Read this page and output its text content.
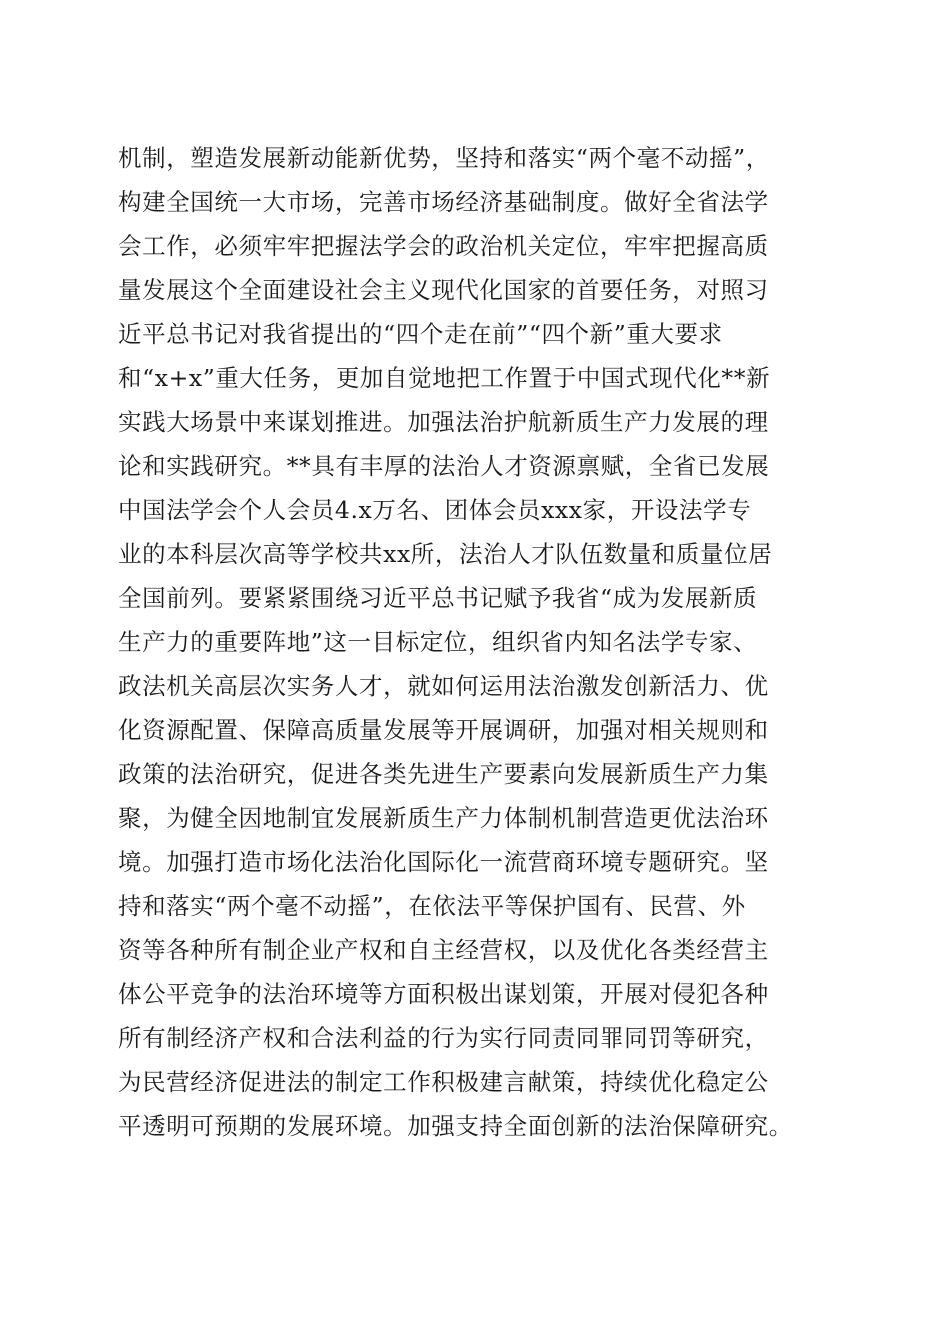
机制，塑造发展新动能新优势，坚持和落实“两个毫不动摇”，
构建全国统一大市场，完善市场经济基础制度。做好全省法学
会工作，必须牢牢把握法学会的政治机关定位，牢牢把握高质
量发展这个全面建设社会主义现代化国家的首要任务，对照习
近平总书记对我省提出的“四个走在前”“四个新”重大要求
和“x+x”重大任务，更加自觉地把工作置于中国式现代化**新
实践大场景中来谋划推进。加强法治护航新质生产力发展的理
论和实践研究。**具有丰厚的法治人才资源禀赋，全省已发展
中国法学会个人会员4.x万名、团体会员xxx家，开设法学专
业的本科层次高等学校共xx所，法治人才队伍数量和质量位居
全国前列。要紧紧围绕习近平总书记赋予我省“成为发展新质
生产力的重要阵地”这一目标定位，组织省内知名法学专家、
政法机关高层次实务人才，就如何运用法治激发创新活力、优
化资源配置、保障高质量发展等开展调研，加强对相关规则和
政策的法治研究，促进各类先进生产要素向发展新质生产力集
聚，为健全因地制宜发展新质生产力体制机制营造更优法治环
境。加强打造市场化法治化国际化一流营商环境专题研究。坚
持和落实“两个毫不动摇”，在依法平等保护国有、民营、外
资等各种所有制企业产权和自主经营权，以及优化各类经营主
体公平竞争的法治环境等方面积极出谋划策，开展对侵犯各种
所有制经济产权和合法利益的行为实行同责同罪同罚等研究，
为民营经济促进法的制定工作积极建言献策，持续优化稳定公
平透明可预期的发展环境。加强支持全面创新的法治保障研究。
